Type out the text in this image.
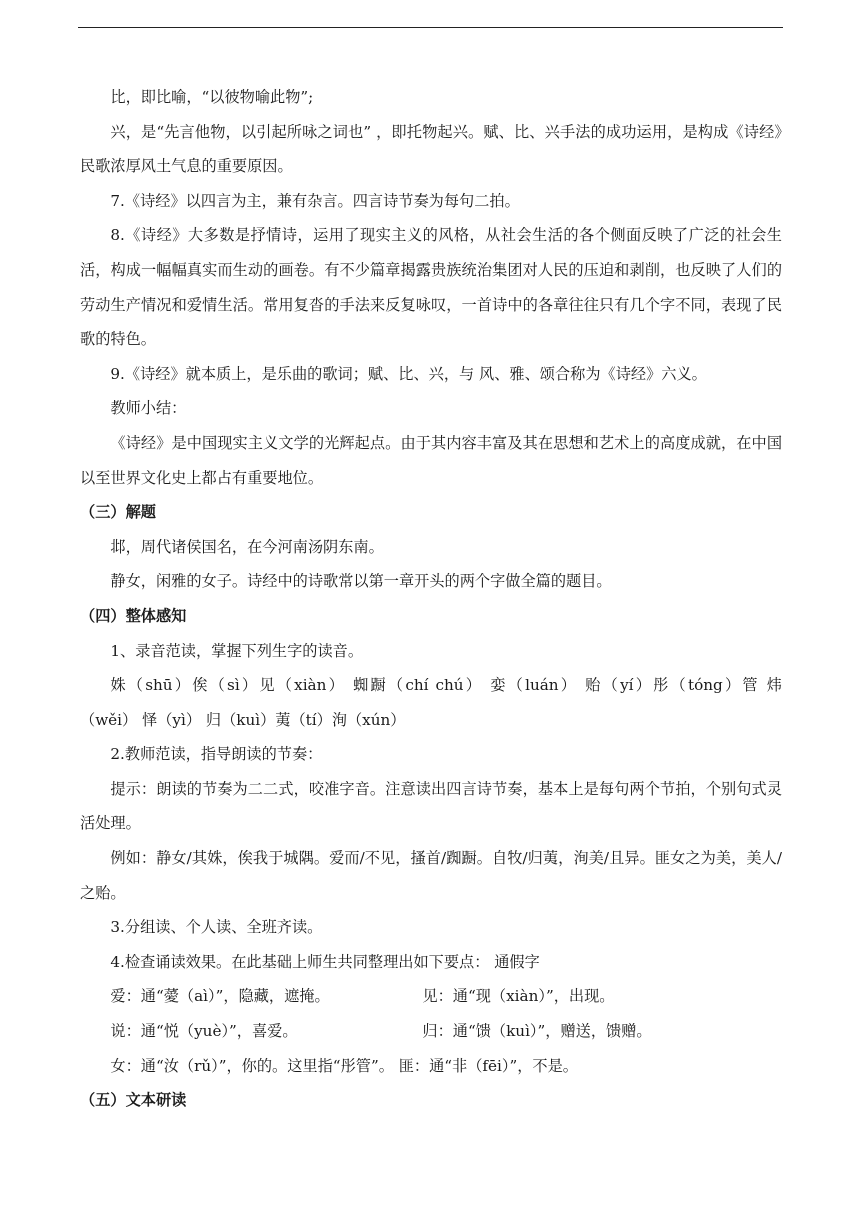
比，即比喻，“以彼物喻此物”;

兴，是“先言他物，以引起所咏之词也” ，即托物起兴。赋、比、兴手法的成功运用，是构成《诗经》民歌浓厚风土气息的重要原因。

7.《诗经》以四言为主，兼有杂言。四言诗节奏为每句二拍。

8.《诗经》大多数是抒情诗，运用了现实主义的风格，从社会生活的各个侧面反映了广泛的社会生活，构成一幅幅真实而生动的画卷。有不少篇章揭露贵族统治集团对人民的压迫和剥削，也反映了人们的劳动生产情况和爱情生活。常用复沓的手法来反复咏叹，一首诗中的各章往往只有几个字不同，表现了民歌的特色。

9.《诗经》就本质上，是乐曲的歌词；赋、比、兴，与 风、雅、颂合称为《诗经》六义。

教师小结：

《诗经》是中国现实主义文学的光辉起点。由于其内容丰富及其在思想和艺术上的高度成就，在中国以至世界文化史上都占有重要地位。

（三）解题

邶，周代诸侯国名，在今河南汤阴东南。

静女，闲雅的女子。诗经中的诗歌常以第一章开头的两个字做全篇的题目。

（四）整体感知

1、录音范读，掌握下列生字的读音。

姝（shū）俟（sì）见（xiàn） 蜘蹰（chí chú） 娈（luán） 贻（yí）彤（tóng）管 炜

（wěi） 怿（yì） 归（kuì）荑（tí）洵（xún）

2.教师范读，指导朗读的节奏：

提示：朗读的节奏为二二式，咬准字音。注意读出四言诗节奏，基本上是每句两个节拍，个别句式灵活处理。

例如：静女/其姝，俟我于城隅。爱而/不见，搔首/踟蹰。自牧/归荑，洵美/且异。匪女之为美，美人/之贻。

3.分组读、个人读、全班齐读。

4.检查诵读效果。在此基础上师生共同整理出如下要点： 通假字

爱：通“薆（aì）”，隐藏，遮掩。	见：通“现（xiàn）”，出现。
说：通“悦（yuè）”，喜爱。	归：通“馈（kuì）”，赠送，馈赠。

女：通“汝（rǔ）”，你的。这里指“彤管”。 匪：通“非（fēi）”，不是。

（五）文本研读
